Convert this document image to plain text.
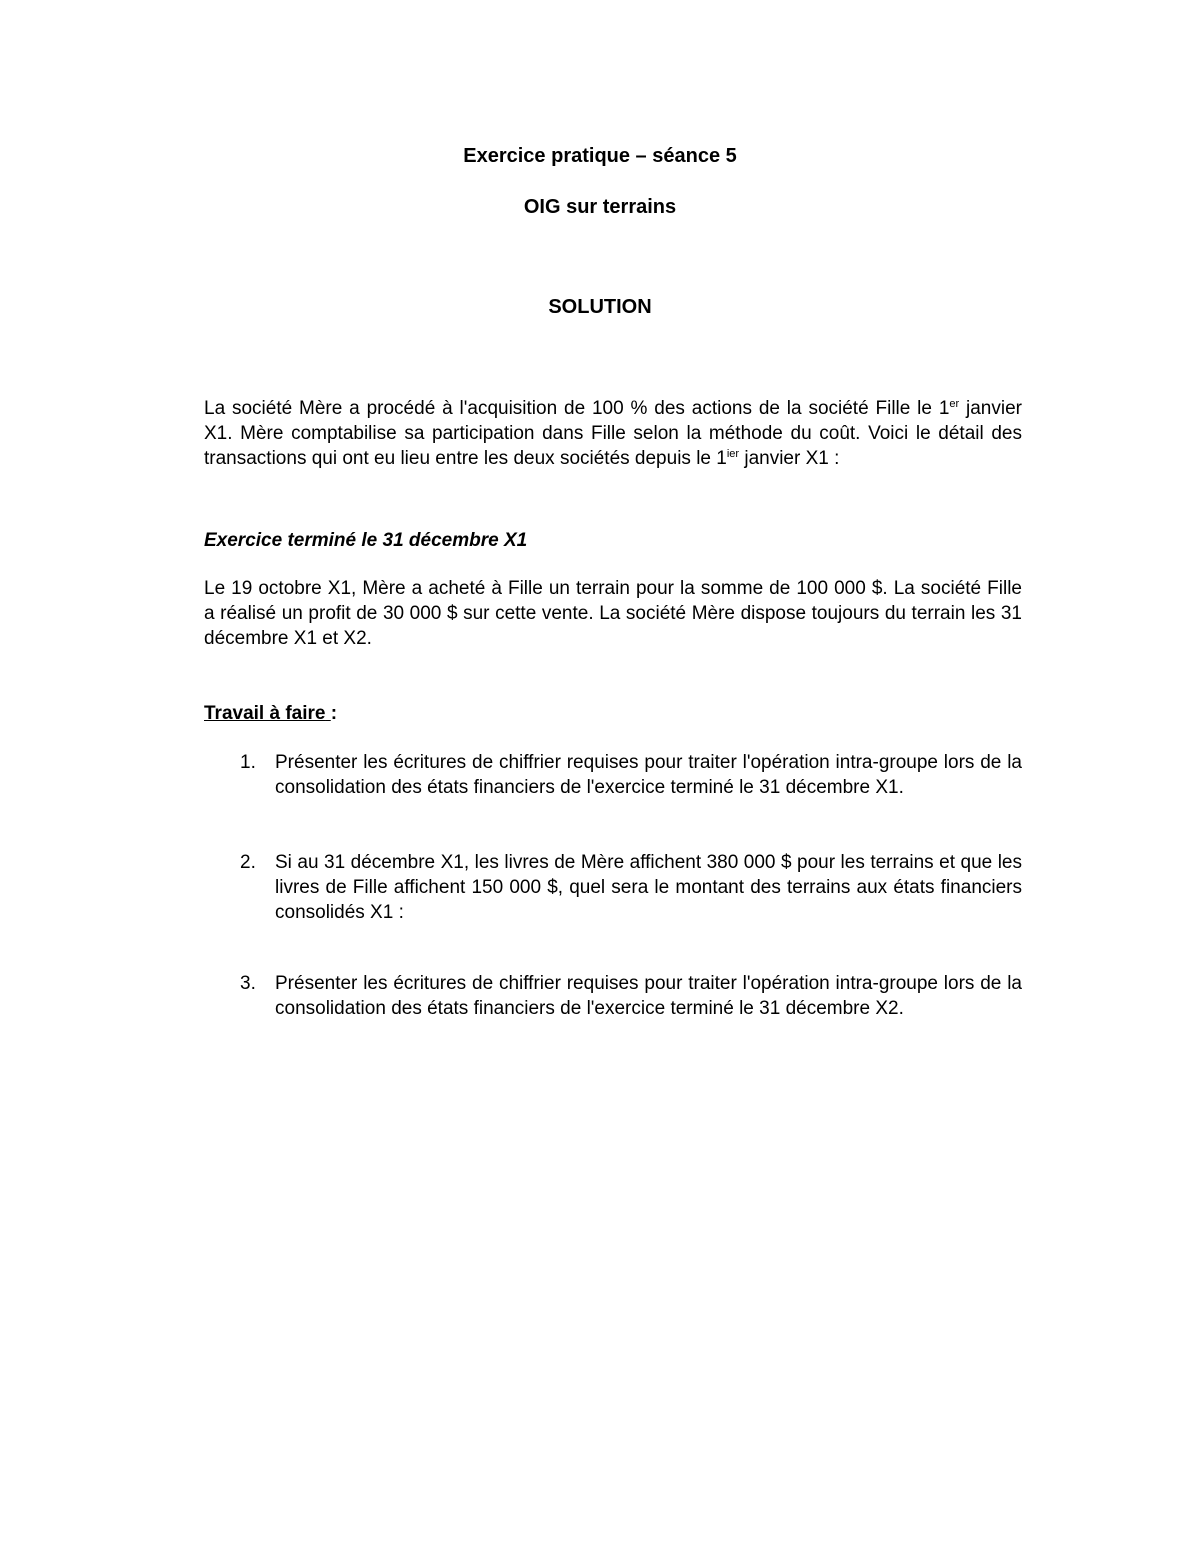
Exercice pratique – séance 5
OIG sur terrains
SOLUTION
La société Mère a procédé à l'acquisition de 100 % des actions de la société Fille le 1er janvier X1. Mère comptabilise sa participation dans Fille selon la méthode du coût. Voici le détail des transactions qui ont eu lieu entre les deux sociétés depuis le $1^{ier}$ janvier X1 :
Exercice terminé le 31 décembre X1
Le 19 octobre X1, Mère a acheté à Fille un terrain pour la somme de 100 000 $. La société Fille a réalisé un profit de 30 000 $ sur cette vente. La société Mère dispose toujours du terrain les 31 décembre X1 et X2.
Travail à faire :
1.	Présenter les écritures de chiffrier requises pour traiter l'opération intra-groupe lors de la consolidation des états financiers de l'exercice terminé le 31 décembre X1.
2.	Si au 31 décembre X1, les livres de Mère affichent 380 000 $ pour les terrains et que les livres de Fille affichent 150 000 $, quel sera le montant des terrains aux états financiers consolidés X1 :
3.	Présenter les écritures de chiffrier requises pour traiter l'opération intra-groupe lors de la consolidation des états financiers de l'exercice terminé le 31 décembre X2.
